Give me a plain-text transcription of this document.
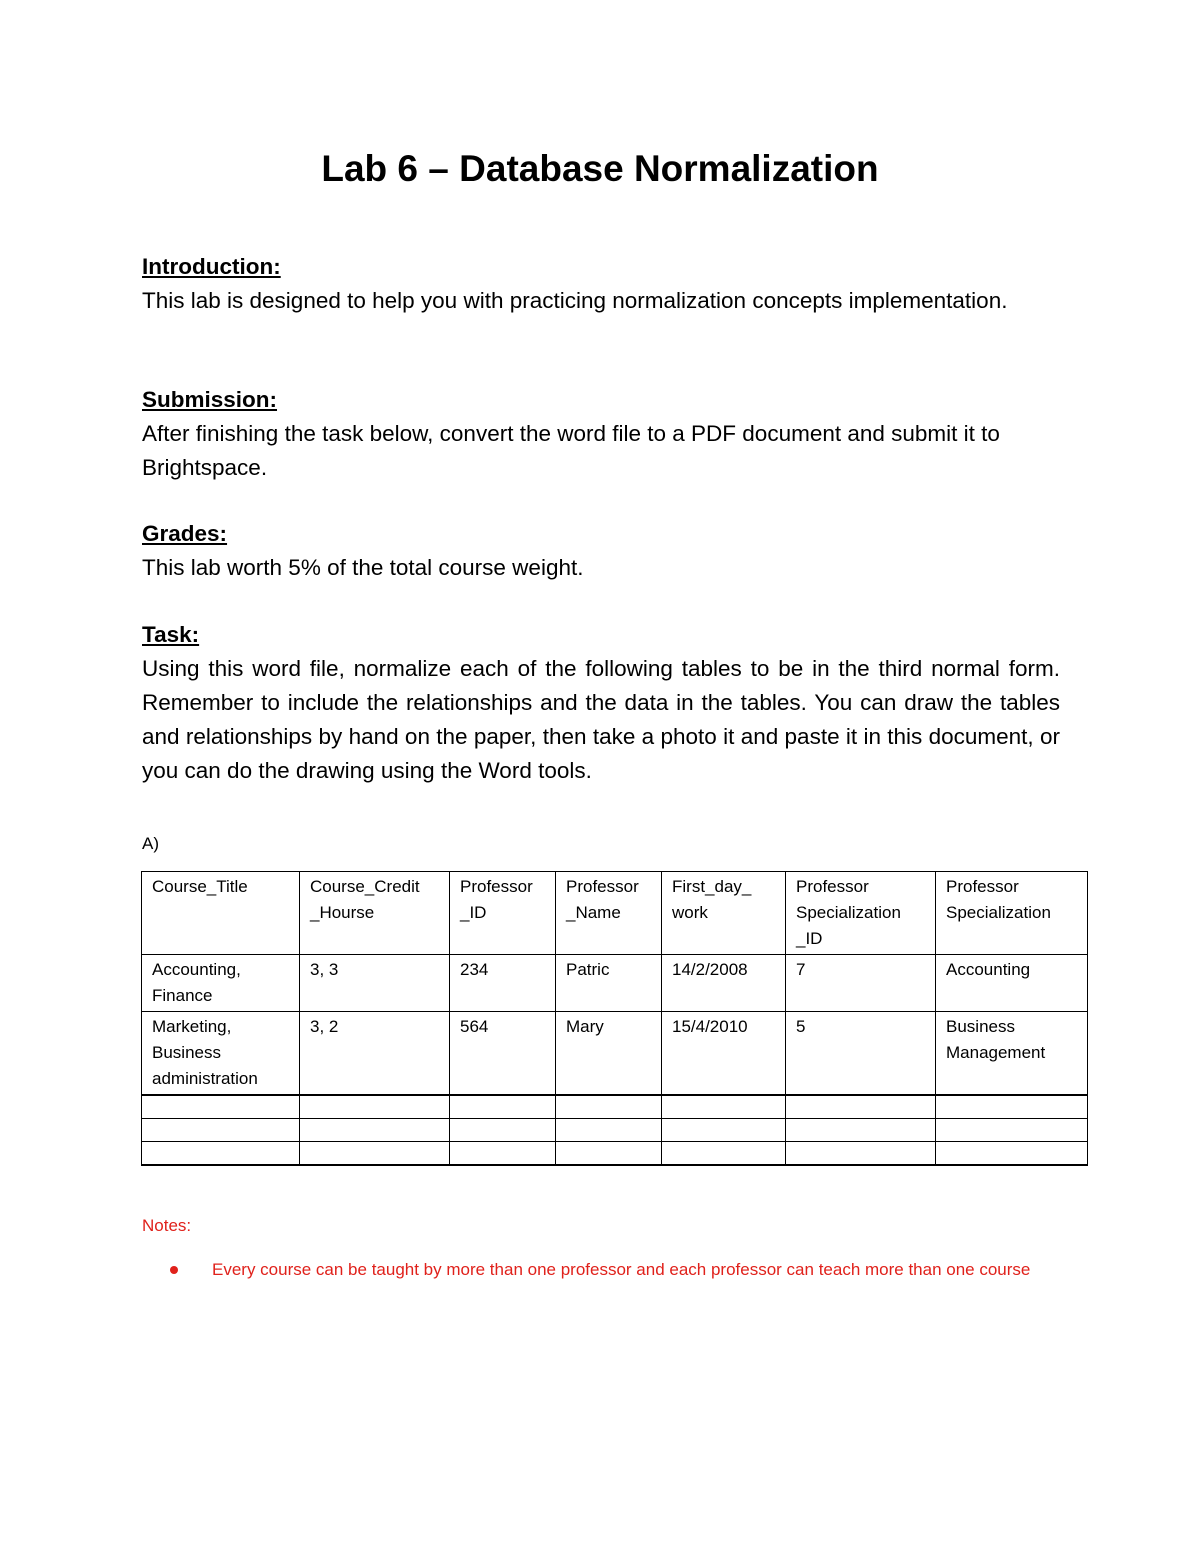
Lab 6 – Database Normalization

Introduction:

This lab is designed to help you with practicing normalization concepts implementation.

Submission:

After finishing the task below, convert the word file to a PDF document and submit it to Brightspace.

Grades:

This lab worth 5% of the total course weight.

Task:

Using this word file, normalize each of the following tables to be in the third normal form. Remember to include the relationships and the data in the tables. You can draw the tables and relationships by hand on the paper, then take a photo it and paste it in this document, or you can do the drawing using the Word tools.

A)
Course_Title	Course_Credit _Hourse	Professor _ID	Professor _Name	First_day_ work	Professor Specialization _ID	Professor Specialization
Accounting, Finance	3, 3	234	Patric	14/2/2008	7	Accounting
Marketing, Business administration	3, 2	564	Mary	15/4/2010	5	Business Management

Notes:
Every course can be taught by more than one professor and each professor can teach more than one course
